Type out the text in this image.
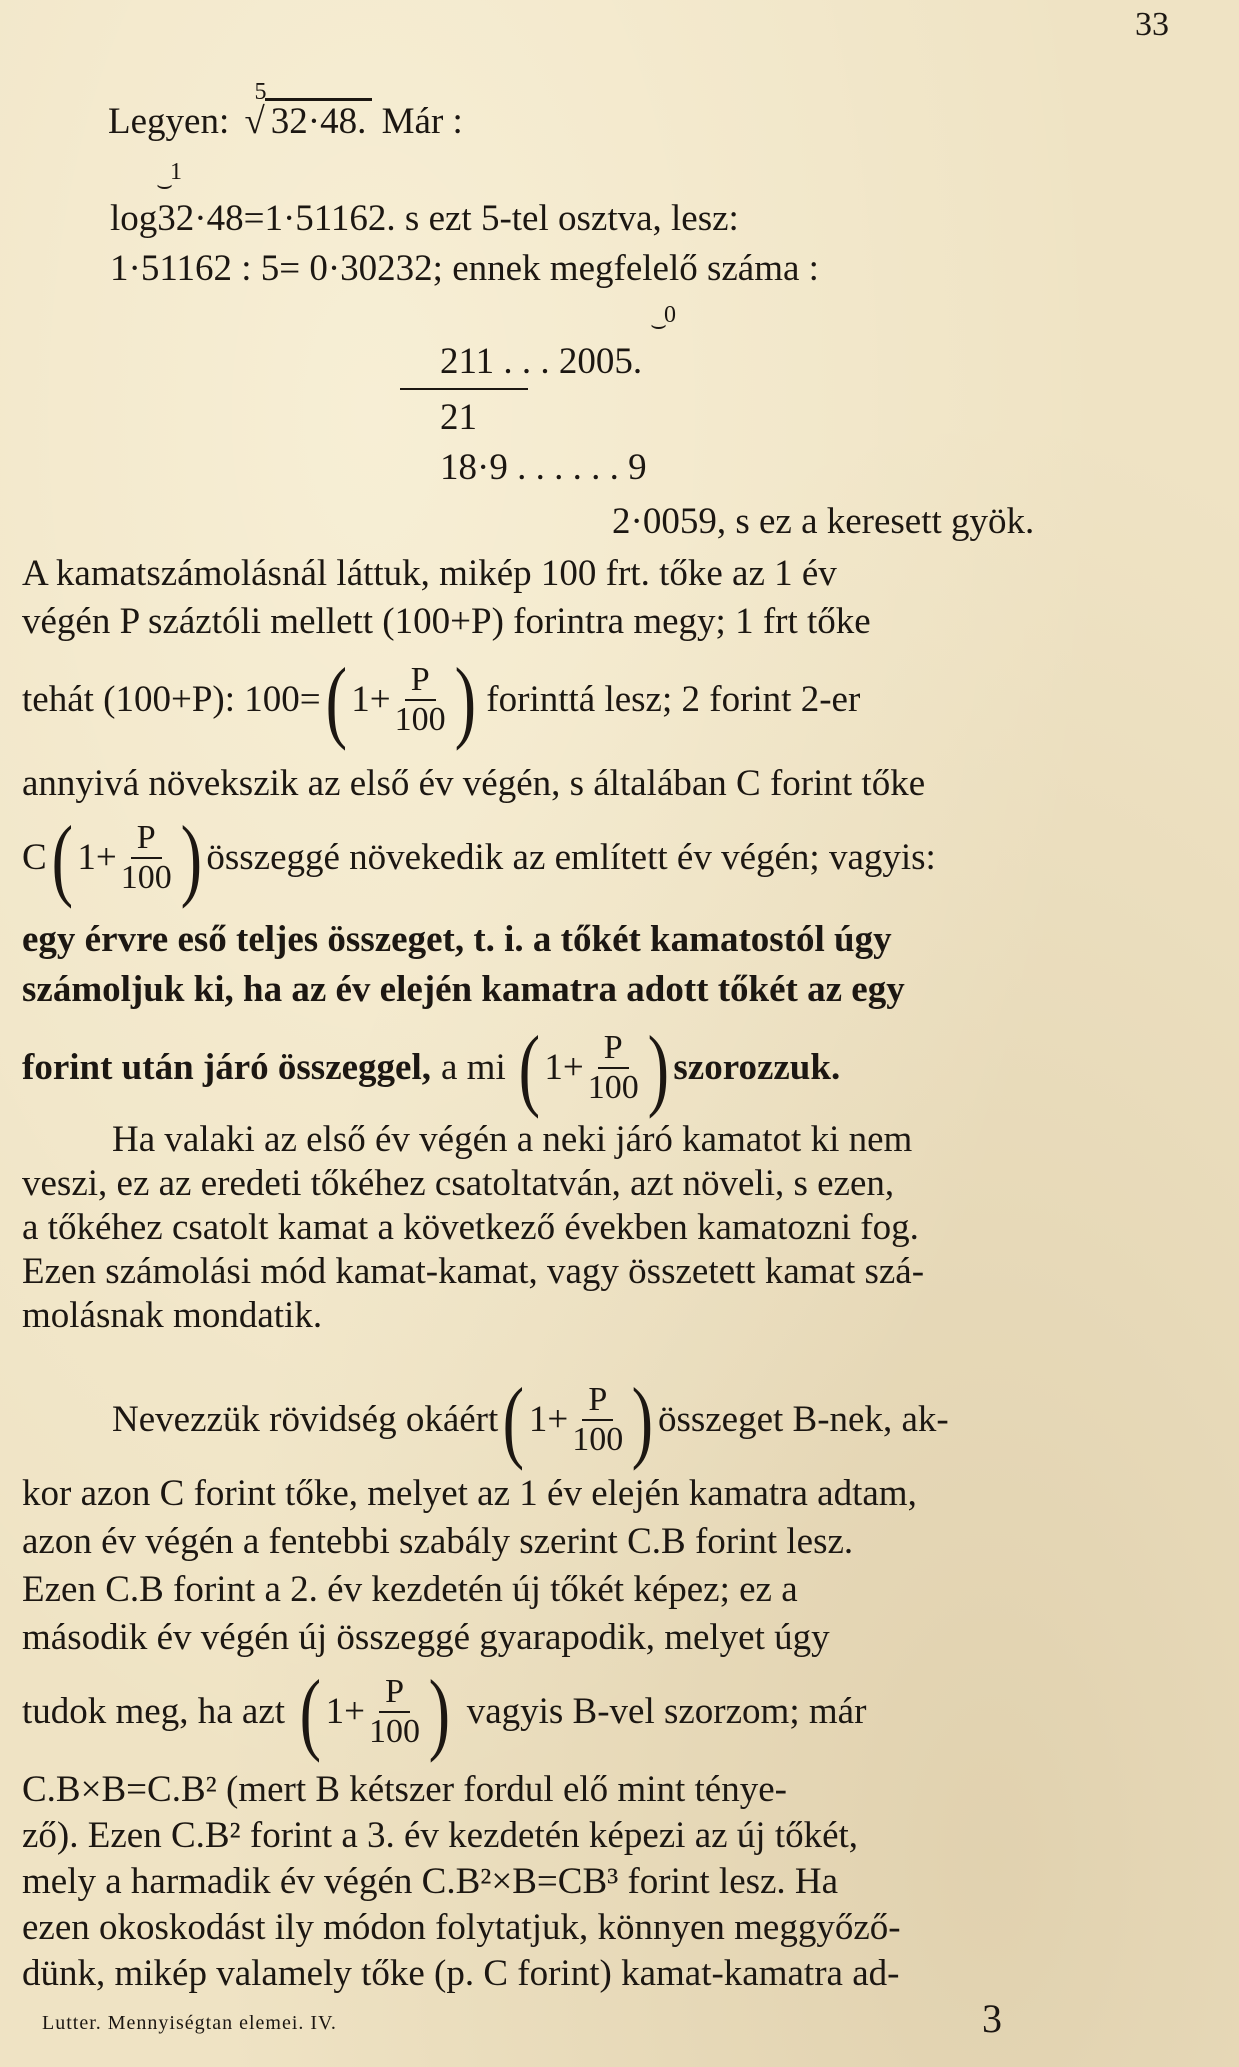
33
Legyen:
5
√ 32·48. Már :
1
⌣
log32·48=1·51162. s ezt 5-tel osztva, lesz:
1·51162 : 5= 0·30232; ennek megfelelő száma :
0
⌣
211 . . . 2005.
21
18·9 . . . . . . 9
2·0059, s ez a keresett gyök.
A kamatszámolásnál láttuk, mikép 100 frt. tőke az 1 év
végén P száztóli mellett (100+P) forintra megy; 1 frt tőke
tehát (100+P): 100= ( $1 + \frac{P}{100}$ ) forinttá lesz; 2 forint 2-er
annyivá növekszik az első év végén, s általában C forint tőke
C ( $1 + \frac{P}{100}$ ) összeggé növekedik az említett év végén; vagyis:
egy érvre eső teljes összeget, t. i. a tőkét kamatostól úgy
számoljuk ki, ha az év elején kamatra adott tőkét az egy
forint után járó összeggel, a mi ( $1 + \frac{P}{100}$ ) szorozzuk.
Ha valaki az első év végén a neki járó kamatot ki nem
veszi, ez az eredeti tőkéhez csatoltatván, azt növeli, s ezen,
a tőkéhez csatolt kamat a következő években kamatozni fog.
Ezen számolási mód kamat-kamat, vagy összetett kamat szá-
molásnak mondatik.
Nevezzük rövidség okáért ( $1 + \frac{P}{100}$ ) összeget B-nek, ak-
kor azon C forint tőke, melyet az 1 év elején kamatra adtam,
azon év végén a fentebbi szabály szerint C.B forint lesz.
Ezen C.B forint a 2. év kezdetén új tőkét képez; ez a
második év végén új összeggé gyarapodik, melyet úgy
tudok meg, ha azt ( $1 + \frac{P}{100}$ ) vagyis B-vel szorzom; már
C.B×B=C.B² (mert B kétszer fordul elő mint ténye-
ző). Ezen C.B² forint a 3. év kezdetén képezi az új tőkét,
mely a harmadik év végén C.B²×B=CB³ forint lesz. Ha
ezen okoskodást ily módon folytatjuk, könnyen meggyőző-
dünk, mikép valamely tőke (p. C forint) kamat-kamatra ad-
Lutter. Mennyiségtan elemei. IV.	3
